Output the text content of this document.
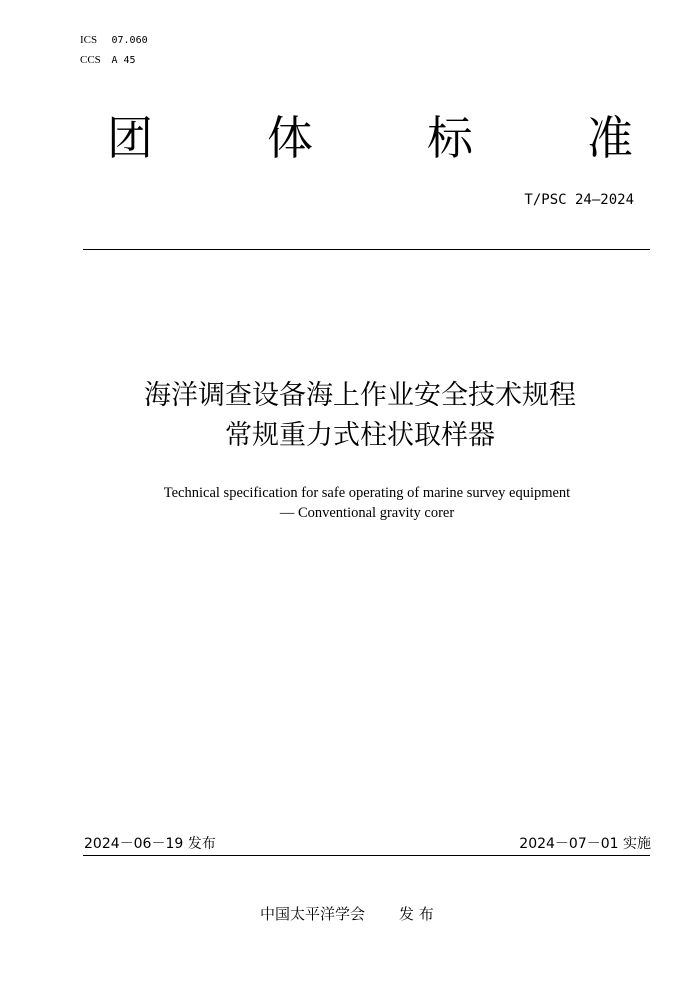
ICS 07.060
CCS A 45
团 体 标 准
T/PSC 24—2024
海洋调查设备海上作业安全技术规程
常规重力式柱状取样器
Technical specification for safe operating of marine survey equipment
— Conventional gravity corer
2024－06－19 发布	2024－07－01 实施
中国太平洋学会 发 布
